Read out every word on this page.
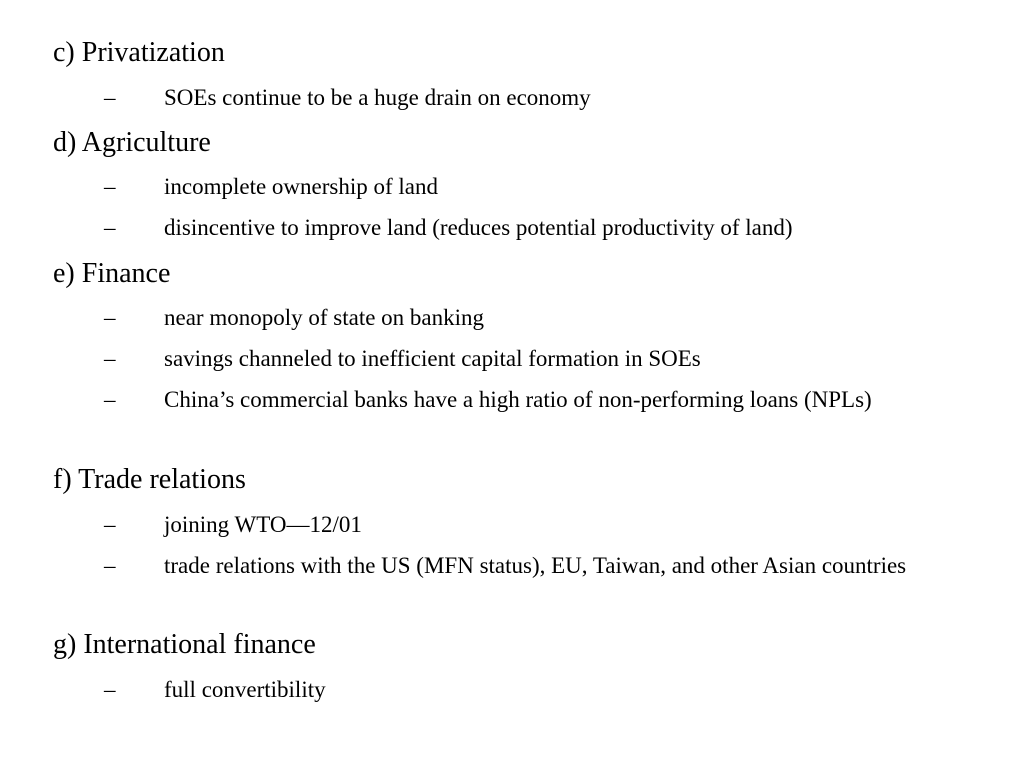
c) Privatization
– SOEs continue to be a huge drain on economy
d) Agriculture
– incomplete ownership of land
– disincentive to improve land (reduces potential productivity of land)
e) Finance
– near monopoly of state on banking
– savings channeled to inefficient capital formation in SOEs
– China’s commercial banks have a high ratio of non-performing loans (NPLs)
f) Trade relations
– joining WTO—12/01
– trade relations with the US (MFN status), EU, Taiwan, and other Asian countries
g) International finance
– full convertibility
